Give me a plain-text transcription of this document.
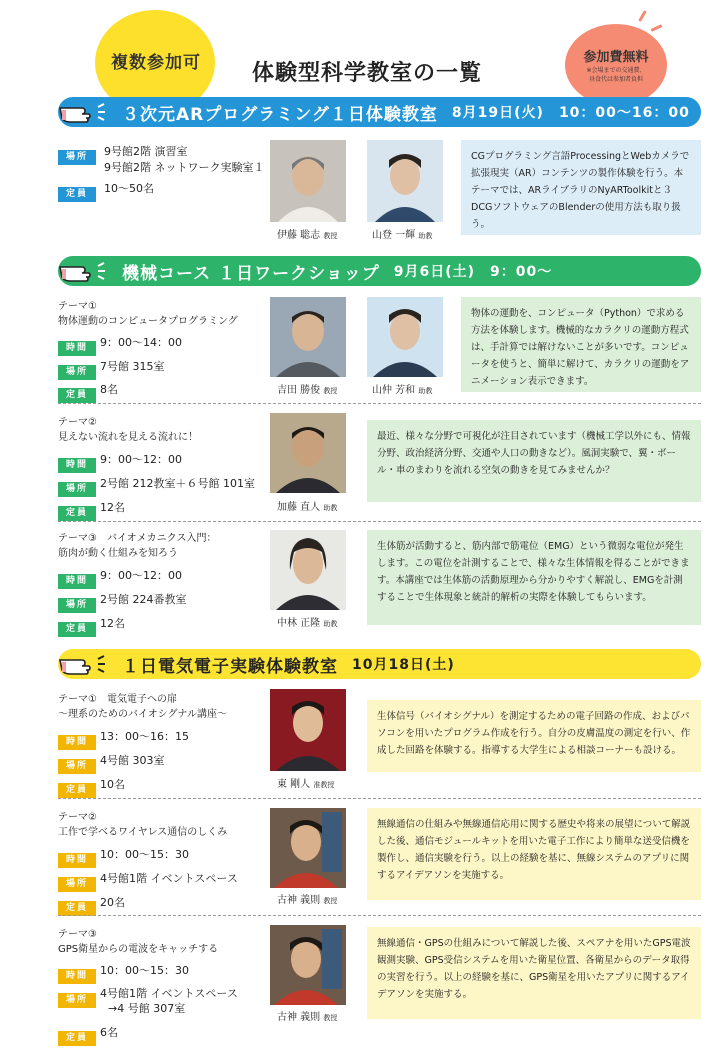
複数参加可 体験型科学教室の一覧
参加費無料
※会場までの交通費、
昼食代は参加者負担
３次元ARプログラミング１日体験教室 8月19日(火)　10：00～16：00
場所	9号館2階 演習室
9号館2階 ネットワーク実験室１
定員	10～50名
伊藤 聡志 教授	山登 一輝 助教
CGプログラミング言語ProcessingとWebカメラで拡張現実（AR）コンテンツの製作体験を行う。本テーマでは、ARライブラリのNyARToolkitと３DCGソフトウェアのBlenderの使用方法も取り扱う。
機械コース １日ワークショップ 9月6日(土)　9：00～
テーマ①
物体運動のコンピュータプログラミング
時間	9：00～14：00
場所	7号館 315室
定員	8名	吉田 勝俊 教授	山仲 芳和 助教
物体の運動を、コンピュータ（Python）で求める方法を体験します。機械的なカラクリの運動方程式は、手計算では解けないことが多いです。コンピュータを使うと、簡単に解けて、カラクリの運動をアニメーション表示できます。
テーマ②
見えない流れを見える流れに！
時間	9：00～12：00
場所	2号館 212教室＋６号館 101室
定員	12名	加藤 直人 助教
最近、様々な分野で可視化が注目されています（機械工学以外にも、情報分野、政治経済分野、交通や人口の動きなど）。風洞実験で、翼・ボール・車のまわりを流れる空気の動きを見てみませんか？
テーマ③　 バイオメカニクス入門：
筋肉が動く仕組みを知ろう
時間	9：00～12：00
場所	2号館 224番教室
定員	12名	中林 正隆 助教
生体筋が活動すると、筋内部で筋電位（EMG）という微弱な電位が発生します。この電位を計測することで、様々な生体情報を得ることができます。本講座では生体筋の活動原理から分かりやすく解説し、EMGを計測することで生体現象と統計的解析の実際を体験してもらいます。
１日電気電子実験体験教室 10月18日(土)
テーマ①　 電気電子への扉
～理系のためのバイオシグナル講座～
時間	13：00～16：15
場所	4号館 303室
定員	10名	東 剛人 准教授
生体信号（バイオシグナル）を測定するための電子回路の作成、およびパソコンを用いたプログラム作成を行う。自分の皮膚温度の測定を行い、作成した回路を体験する。指導する大学生による相談コーナーも設ける。
テーマ②
工作で学べるワイヤレス通信のしくみ
時間	10：00～15：30
場所	4号館1階 イベントスペース
定員	20名	古神 義則 教授
無線通信の仕組みや無線通信応用に関する歴史や将来の展望について解説した後、通信モジュールキットを用いた電子工作により簡単な送受信機を製作し、通信実験を行う。以上の経験を基に、無線システムのアプリに関するアイデアソンを実施する。
テーマ③
GPS衛星からの電波をキャッチする
時間	10：00～15：30
場所	4号館1階 イベントスペース
→4 号館 307室
定員	6名
古神 義則 教授
無線通信・GPSの仕組みについて解説した後、スペアナを用いたGPS電波観測実験、GPS受信システムを用いた衛星位置、各衛星からのデータ取得の実習を行う。以上の経験を基に、GPS衛星を用いたアプリに関するアイデアソンを実施する。
